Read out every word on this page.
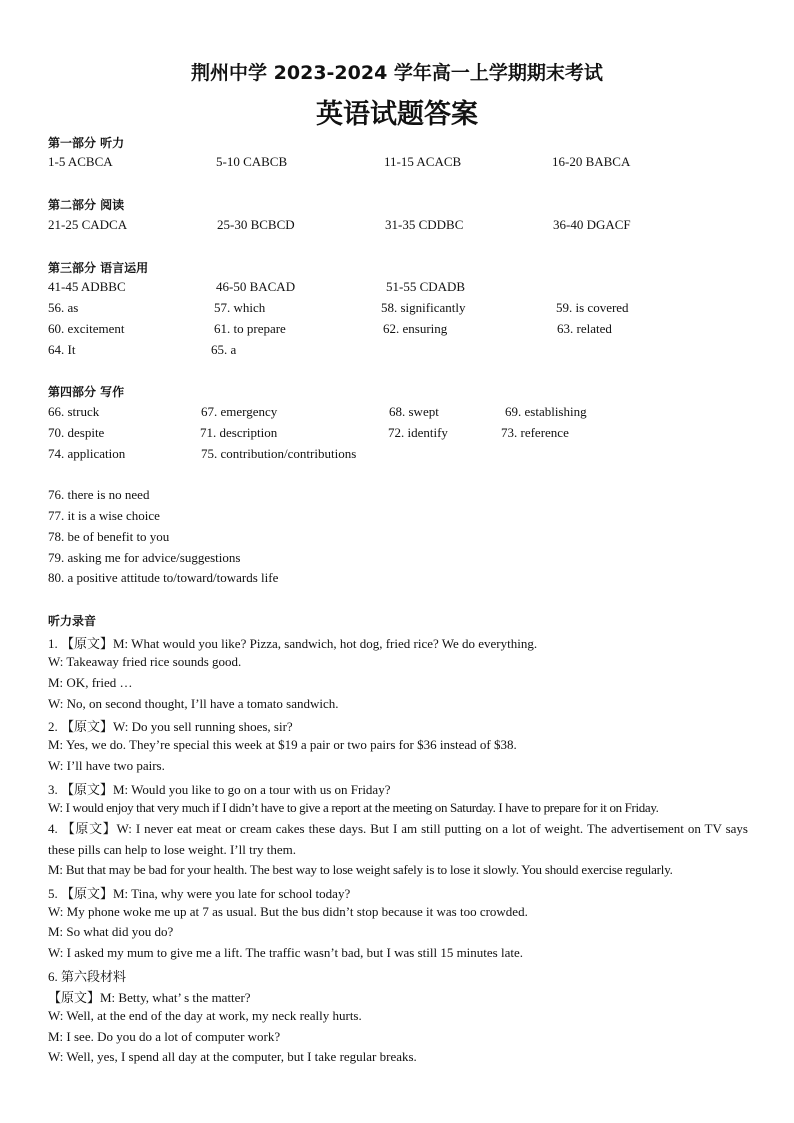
荆州中学 2023-2024 学年高一上学期期末考试
英语试题答案
第一部分 听力
1-5 ACBCA	5-10 CABCB	11-15 ACACB	16-20 BABCA
第二部分 阅读
21-25 CADCA	25-30 BCBCD	31-35 CDDBC	36-40 DGACF
第三部分 语言运用
41-45 ADBBC	46-50 BACAD	51-55 CDADB
56. as	57. which	58. significantly	59. is covered
60. excitement	61. to prepare	62. ensuring	63. related
64. It	65. a
第四部分 写作
66. struck	67. emergency	68. swept	69. establishing
70. despite	71. description	72. identify	73. reference
74. application	75. contribution/contributions
76. there is no need
77. it is a wise choice
78. be of benefit to you
79. asking me for advice/suggestions
80. a positive attitude to/toward/towards life
听力录音
1. 【原文】M: What would you like? Pizza, sandwich, hot dog, fried rice? We do everything.
W: Takeaway fried rice sounds good.
M: OK, fried …
W: No, on second thought, I’ll have a tomato sandwich.
2. 【原文】W: Do you sell running shoes, sir?
M: Yes, we do. They’re special this week at $19 a pair or two pairs for $36 instead of $38.
W: I’ll have two pairs.
3. 【原文】M: Would you like to go on a tour with us on Friday?
W: I would enjoy that very much if I didn’t have to give a report at the meeting on Saturday. I have to prepare for it on Friday.
4. 【原文】W: I never eat meat or cream cakes these days. But I am still putting on a lot of weight. The advertisement on TV says these pills can help to lose weight. I’ll try them.
M: But that may be bad for your health. The best way to lose weight safely is to lose it slowly. You should exercise regularly.
5. 【原文】M: Tina, why were you late for school today?
W: My phone woke me up at 7 as usual. But the bus didn’t stop because it was too crowded.
M: So what did you do?
W: I asked my mum to give me a lift. The traffic wasn’t bad, but I was still 15 minutes late.
6. 第六段材料
【原文】M: Betty, what’ s the matter?
W: Well, at the end of the day at work, my neck really hurts.
M: I see. Do you do a lot of computer work?
W: Well, yes, I spend all day at the computer, but I take regular breaks.
